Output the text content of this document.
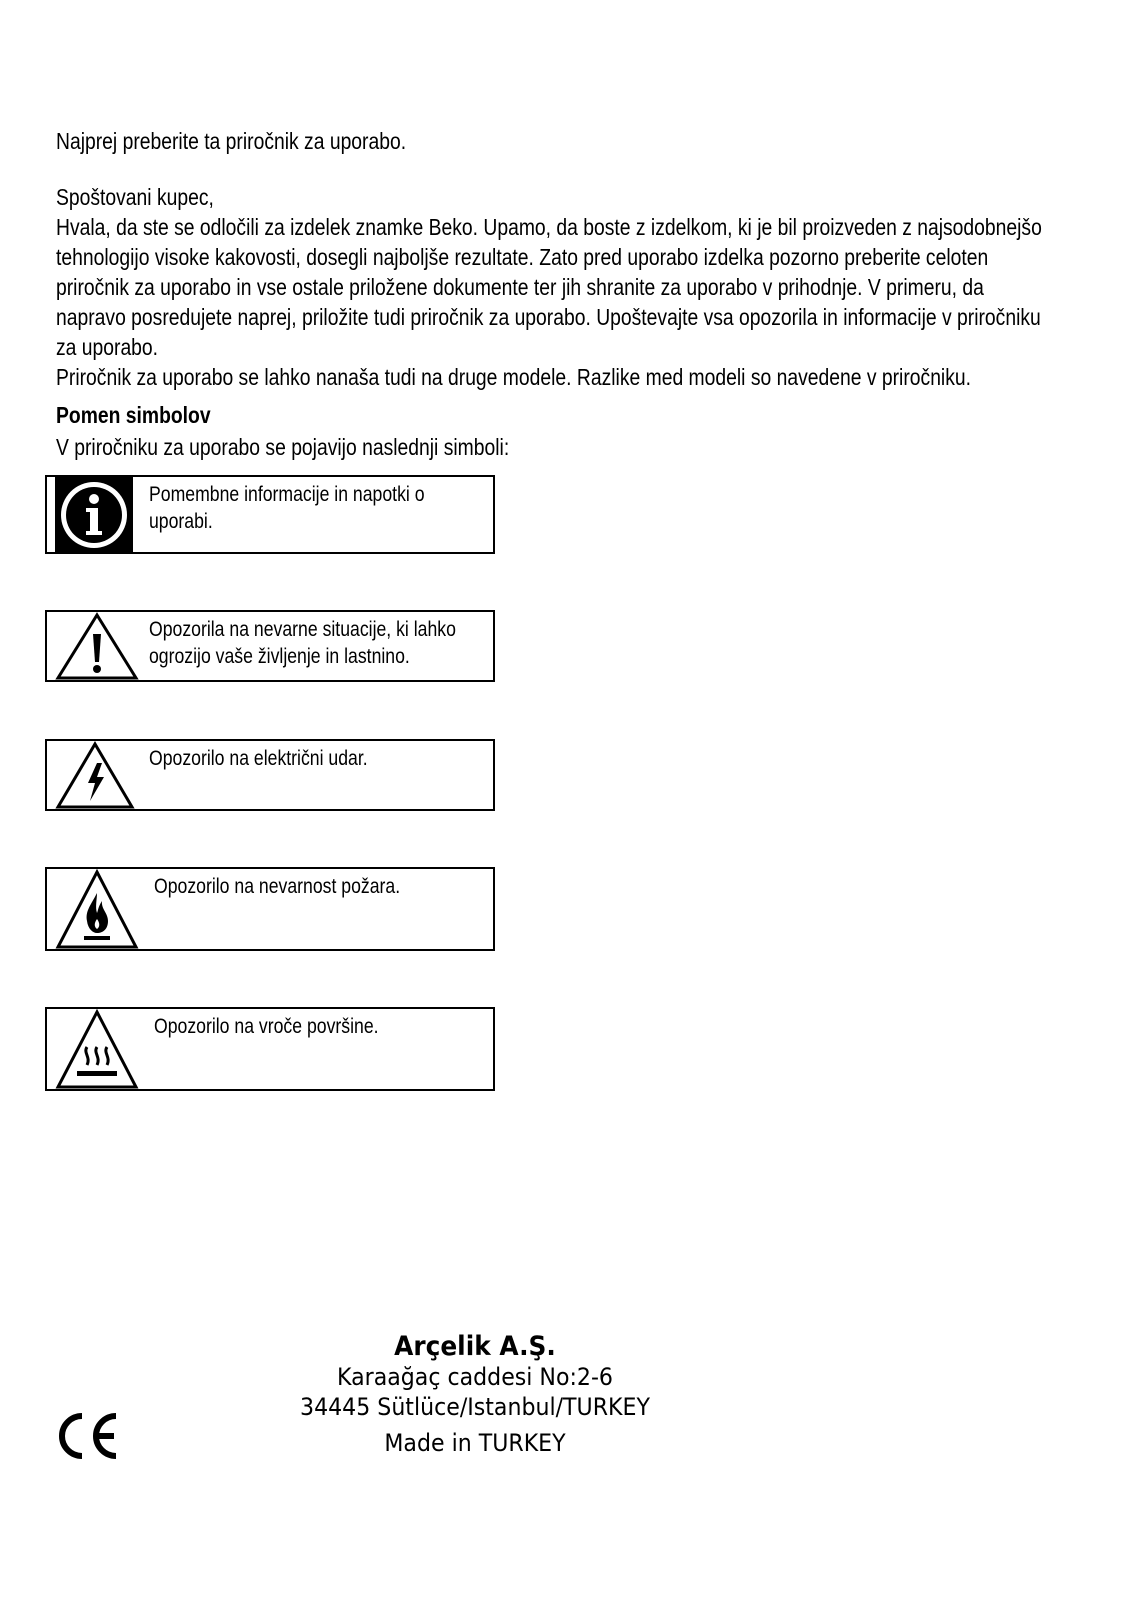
Najprej preberite ta priročnik za uporabo.

Spoštovani kupec,

Hvala, da ste se odločili za izdelek znamke Beko. Upamo, da boste z izdelkom, ki je bil proizveden z najsodobnejšo tehnologijo visoke kakovosti, dosegli najboljše rezultate. Zato pred uporabo izdelka pozorno preberite celoten priročnik za uporabo in vse ostale priložene dokumente ter jih shranite za uporabo v prihodnje. V primeru, da napravo posredujete naprej, priložite tudi priročnik za uporabo. Upoštevajte vsa opozorila in informacije v priročniku za uporabo.

Priročnik za uporabo se lahko nanaša tudi na druge modele. Razlike med modeli so navedene v priročniku.

Pomen simbolov
V priročniku za uporabo se pojavijo naslednji simboli:
Pomembne informacije in napotki o uporabi.
Opozorila na nevarne situacije, ki lahko ogrozijo vaše življenje in lastnino.
Opozorilo na električni udar.
Opozorilo na nevarnost požara.
Opozorilo na vroče površine.
Arçelik A.Ş.
Karaağaç caddesi No:2-6
34445 Sütlüce/Istanbul/TURKEY
Made in TURKEY
